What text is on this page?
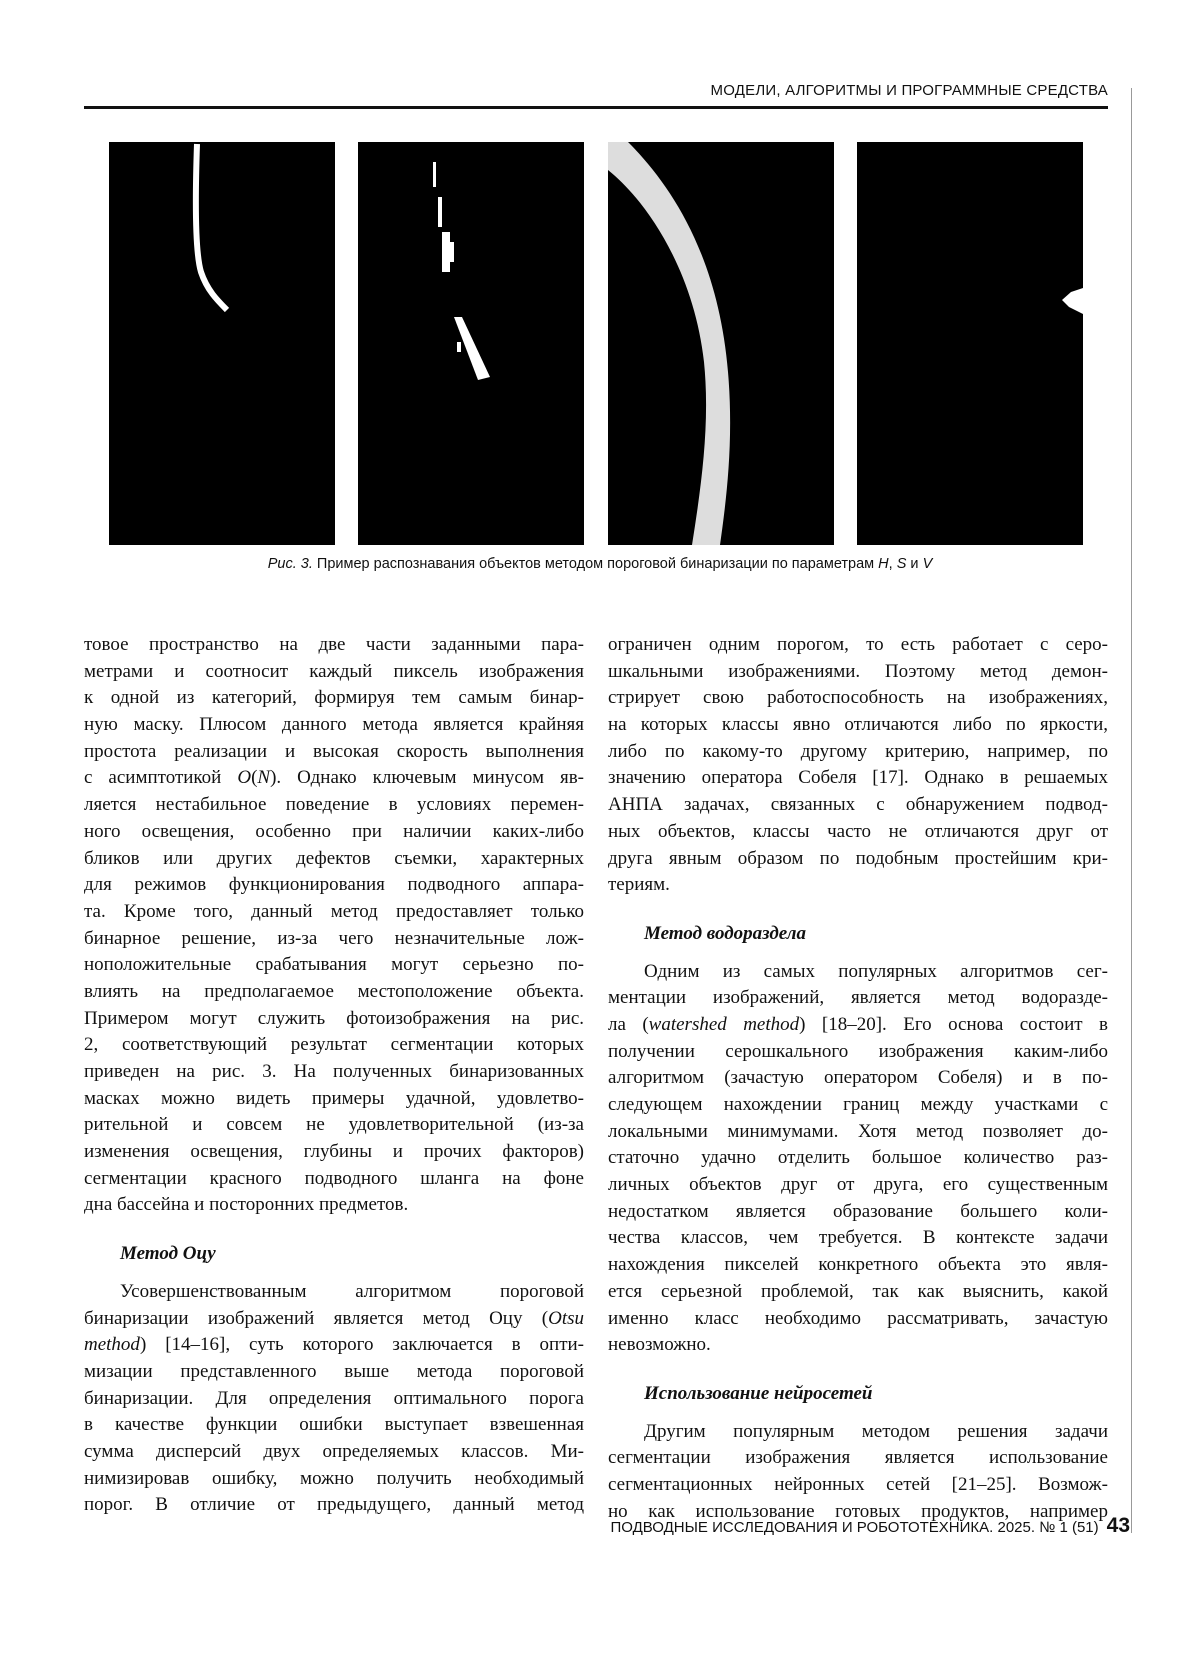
МОДЕЛИ, АЛГОРИТМЫ И ПРОГРАММНЫЕ СРЕДСТВА
Рис. 3. Пример распознавания объектов методом пороговой бинаризации по параметрам H, S и V
товое пространство на две части заданными пара-
метрами и соотносит каждый пиксель изображения
к одной из категорий, формируя тем самым бинар-
ную маску. Плюсом данного метода является крайняя
простота реализации и высокая скорость выполнения
с асимптотикой O(N). Однако ключевым минусом яв-
ляется нестабильное поведение в условиях перемен-
ного освещения, особенно при наличии каких-либо
бликов или других дефектов съемки, характерных
для режимов функционирования подводного аппара-
та. Кроме того, данный метод предоставляет только
бинарное решение, из-за чего незначительные лож-
ноположительные срабатывания могут серьезно по-
влиять на предполагаемое местоположение объекта.
Примером могут служить фотоизображения на рис.
2, соответствующий результат сегментации которых
приведен на рис. 3. На полученных бинаризованных
масках можно видеть примеры удачной, удовлетво-
рительной и совсем не удовлетворительной (из-за
изменения освещения, глубины и прочих факторов)
сегментации красного подводного шланга на фоне
дна бассейна и посторонних предметов.
Метод Оцу
Усовершенствованным алгоритмом пороговой
бинаризации изображений является метод Оцу (Otsu
method) [14–16], суть которого заключается в опти-
мизации представленного выше метода пороговой
бинаризации. Для определения оптимального порога
в качестве функции ошибки выступает взвешенная
сумма дисперсий двух определяемых классов. Ми-
нимизировав ошибку, можно получить необходимый
порог. В отличие от предыдущего, данный метод
ограничен одним порогом, то есть работает с серо-
шкальными изображениями. Поэтому метод демон-
стрирует свою работоспособность на изображениях,
на которых классы явно отличаются либо по яркости,
либо по какому-то другому критерию, например, по
значению оператора Собеля [17]. Однако в решаемых
АНПА задачах, связанных с обнаружением подвод-
ных объектов, классы часто не отличаются друг от
друга явным образом по подобным простейшим кри-
териям.
Метод водораздела
Одним из самых популярных алгоритмов сег-
ментации изображений, является метод водоразде-
ла (watershed method) [18–20]. Его основа состоит в
получении серошкального изображения каким-либо
алгоритмом (зачастую оператором Собеля) и в по-
следующем нахождении границ между участками с
локальными минимумами. Хотя метод позволяет до-
статочно удачно отделить большое количество раз-
личных объектов друг от друга, его существенным
недостатком является образование большего коли-
чества классов, чем требуется. В контексте задачи
нахождения пикселей конкретного объекта это явля-
ется серьезной проблемой, так как выяснить, какой
именно класс необходимо рассматривать, зачастую
невозможно.
Использование нейросетей
Другим популярным методом решения задачи
сегментации изображения является использование
сегментационных нейронных сетей [21–25]. Возмож-
но как использование готовых продуктов, например
ПОДВОДНЫЕ ИССЛЕДОВАНИЯ И РОБОТОТЕХНИКА. 2025. № 1 (51) 43
